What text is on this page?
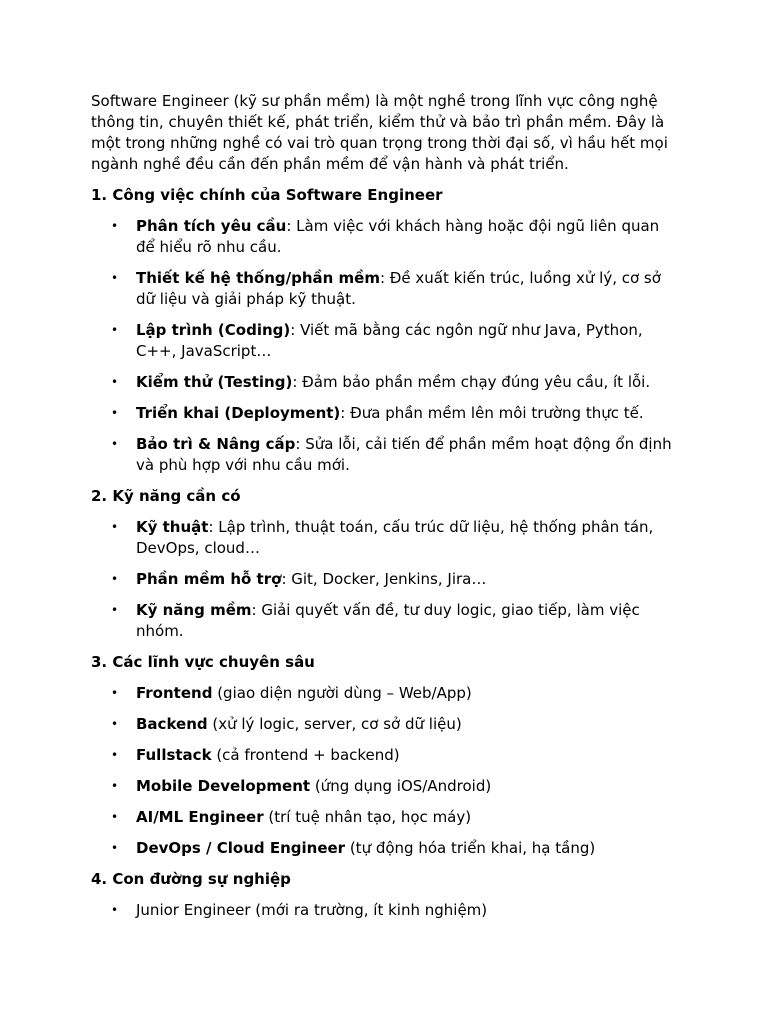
Software Engineer (kỹ sư phần mềm) là một nghề trong lĩnh vực công nghệ thông tin, chuyên thiết kế, phát triển, kiểm thử và bảo trì phần mềm. Đây là một trong những nghề có vai trò quan trọng trong thời đại số, vì hầu hết mọi ngành nghề đều cần đến phần mềm để vận hành và phát triển.

1. Công việc chính của Software Engineer

• Phân tích yêu cầu: Làm việc với khách hàng hoặc đội ngũ liên quan để hiểu rõ nhu cầu.
• Thiết kế hệ thống/phần mềm: Đề xuất kiến trúc, luồng xử lý, cơ sở dữ liệu và giải pháp kỹ thuật.
• Lập trình (Coding): Viết mã bằng các ngôn ngữ như Java, Python, C++, JavaScript…
• Kiểm thử (Testing): Đảm bảo phần mềm chạy đúng yêu cầu, ít lỗi.
• Triển khai (Deployment): Đưa phần mềm lên môi trường thực tế.
• Bảo trì & Nâng cấp: Sửa lỗi, cải tiến để phần mềm hoạt động ổn định và phù hợp với nhu cầu mới.

2. Kỹ năng cần có

• Kỹ thuật: Lập trình, thuật toán, cấu trúc dữ liệu, hệ thống phân tán, DevOps, cloud…
• Phần mềm hỗ trợ: Git, Docker, Jenkins, Jira…
• Kỹ năng mềm: Giải quyết vấn đề, tư duy logic, giao tiếp, làm việc nhóm.

3. Các lĩnh vực chuyên sâu

• Frontend (giao diện người dùng – Web/App)
• Backend (xử lý logic, server, cơ sở dữ liệu)
• Fullstack (cả frontend + backend)
• Mobile Development (ứng dụng iOS/Android)
• AI/ML Engineer (trí tuệ nhân tạo, học máy)
• DevOps / Cloud Engineer (tự động hóa triển khai, hạ tầng)

4. Con đường sự nghiệp

• Junior Engineer (mới ra trường, ít kinh nghiệm)
